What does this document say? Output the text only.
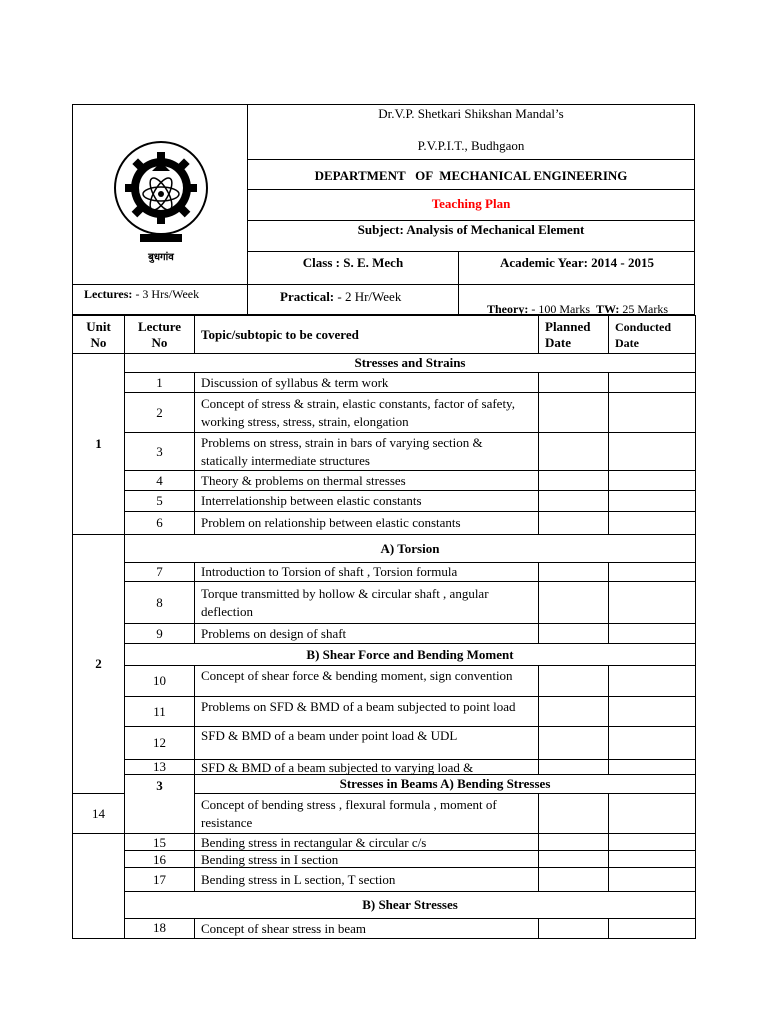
बुधगांव
Dr.V.P. Shetkari Shikshan Mandal’s
P.V.P.I.T., Budhgaon
DEPARTMENT   OF  MECHANICAL ENGINEERING
Teaching Plan
Subject: Analysis of Mechanical Element
Class : S. E. Mech	Academic Year: 2014 - 2015
Lectures: - 3 Hrs/Week	Practical: - 2 Hr/Week

Theory: - 100 Marks  TW: 25 Marks

Unit No	Lecture No	Topic/subtopic to be covered	Planned Date	Conducted Date
1	Stresses and Strains			
	1	Discussion of syllabus & term work		
	2	Concept of stress & strain, elastic constants, factor of safety, working stress, stress, strain, elongation		
	3	Problems on stress, strain in bars of varying section & statically intermediate structures		
	4	Theory & problems on thermal stresses		
	5	Interrelationship between elastic constants		
	6	Problem on relationship between elastic constants		
2	A) Torsion			
	7	Introduction to Torsion of shaft , Torsion formula		
	8	Torque transmitted by hollow & circular shaft , angular deflection		
	9	Problems on design of shaft		
	B) Shear Force and Bending Moment			
	10	Concept of shear force & bending moment, sign convention		

	11	Problems on SFD & BMD of a beam subjected to point load		

	12	SFD & BMD of a beam under point load & UDL		
	13	SFD & BMD of a beam subjected to varying load &		

	3	Stresses in Beams A) Bending Stresses		
14		Concept of bending stress , flexural formula , moment of resistance		
	15	Bending stress in rectangular & circular c/s		
	16	Bending stress in I section		
	17	Bending stress in L section, T section		
	B) Shear Stresses			
	18	Concept of shear stress in beam		
